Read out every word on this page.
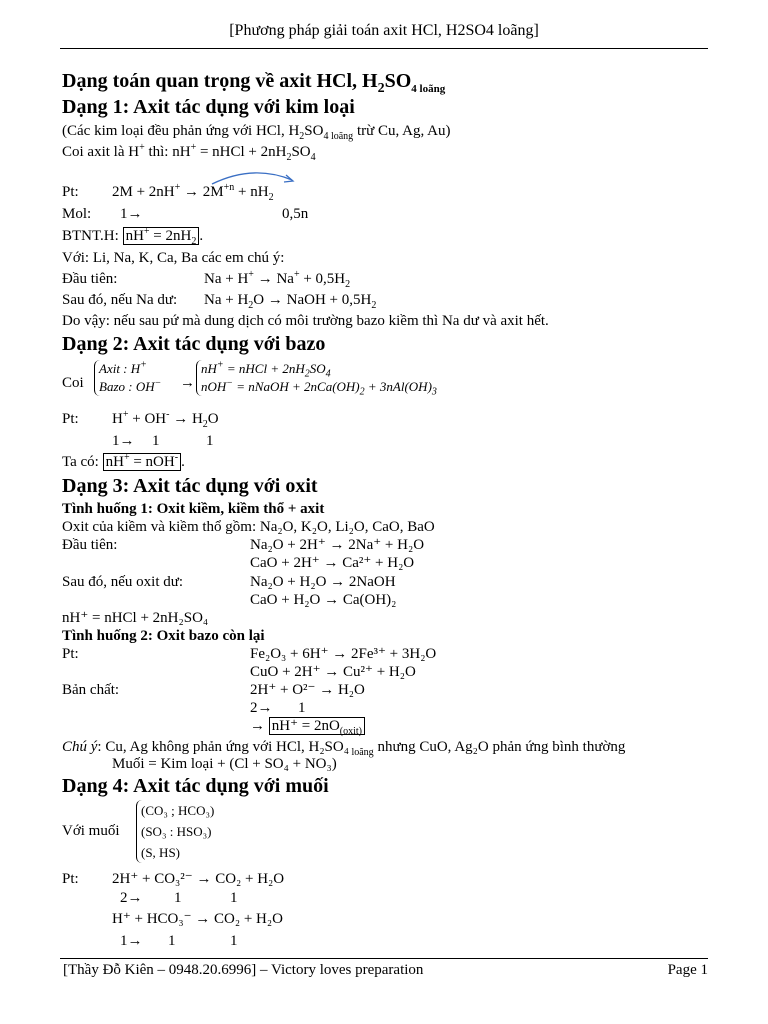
[Phương pháp giải toán axit HCl, H2SO4 loãng]
Dạng toán quan trọng về axit HCl, $H_2SO_{4 loãng}$
Dạng 1: Axit tác dụng với kim loại
(Các kim loại đều phản ứng với HCl, $H_2SO_{4 loãng}$ trừ Cu, Ag, Au)
Coi axit là H+ thì: nH+ = nHCl + $2nH_2SO_4$
Pt: $2M + 2nH^+ \to 2M^{+n} + nH_2$
Mol: 1→	0,5n
BTNT.H: $nH^+ = 2nH_2$ .
Với: Li, Na, K, Ca, Ba các em chú ý:
Đầu tiên:	$Na + H^+ \to Na^+ + 0,5H_2$
Sau đó, nếu Na dư: $Na + H_2O$ → NaOH + $0,5H_2$
Do vậy: nếu sau pứ mà dung dịch có môi trường bazo kiềm thì Na dư và axit hết.
Dạng 2: Axit tác dụng với bazo
Coi
Axit : H+
Bazo : OH− →
nH+ = nHCl + $2nH_2SO_4$
nOH− = nNaOH + $2nCa(OH)_2 + 3nAl(OH)_3$
Pt: $H^+ + OH^- \to H_2O$
1→ 1	1
Ta có: nH+ = nOH- .
Dạng 3: Axit tác dụng với oxit
Tình huống 1: Oxit kiềm, kiềm thổ + axit
Oxit của kiềm và kiềm thổ gồm: Na₂O, K₂O, Li₂O, CaO, BaO
Đầu tiên:	Na₂O + 2H⁺ → 2Na⁺ + H₂O
CaO + 2H⁺ → Ca²⁺ + H₂O
Sau đó, nếu oxit dư:	Na₂O + H₂O → 2NaOH
CaO + H₂O → Ca(OH)₂
nH⁺ = nHCl + 2nH₂SO₄
Tình huống 2: Oxit bazo còn lại
Pt:	Fe₂O₃ + 6H⁺ → 2Fe³⁺ + 3H₂O
CuO + 2H⁺ → Cu²⁺ + H₂O
Bản chất:	2H⁺ + O²⁻ → H₂O
2→ 1
→ $nH^+ = 2nO_{(oxit)}$
Chú ý: Cu, Ag không phản ứng với HCl, H₂SO₄ $_{loãng}$ nhưng CuO, Ag₂O phản ứng bình thường
Muối = Kim loại + (Cl + SO₄ + NO₃)
Dạng 4: Axit tác dụng với muối
Với muối
(CO₃ ; HCO₃)
(SO₃ : HSO₃)
(S, HS)
Pt: 2H⁺ + CO₃²⁻ → CO₂ + H₂O
2→ 1	1
H⁺ + HCO₃⁻ → CO₂ + H₂O
1→ 1	1
[Thầy Đỗ Kiên – 0948.20.6996] – Victory loves preparation	Page 1
